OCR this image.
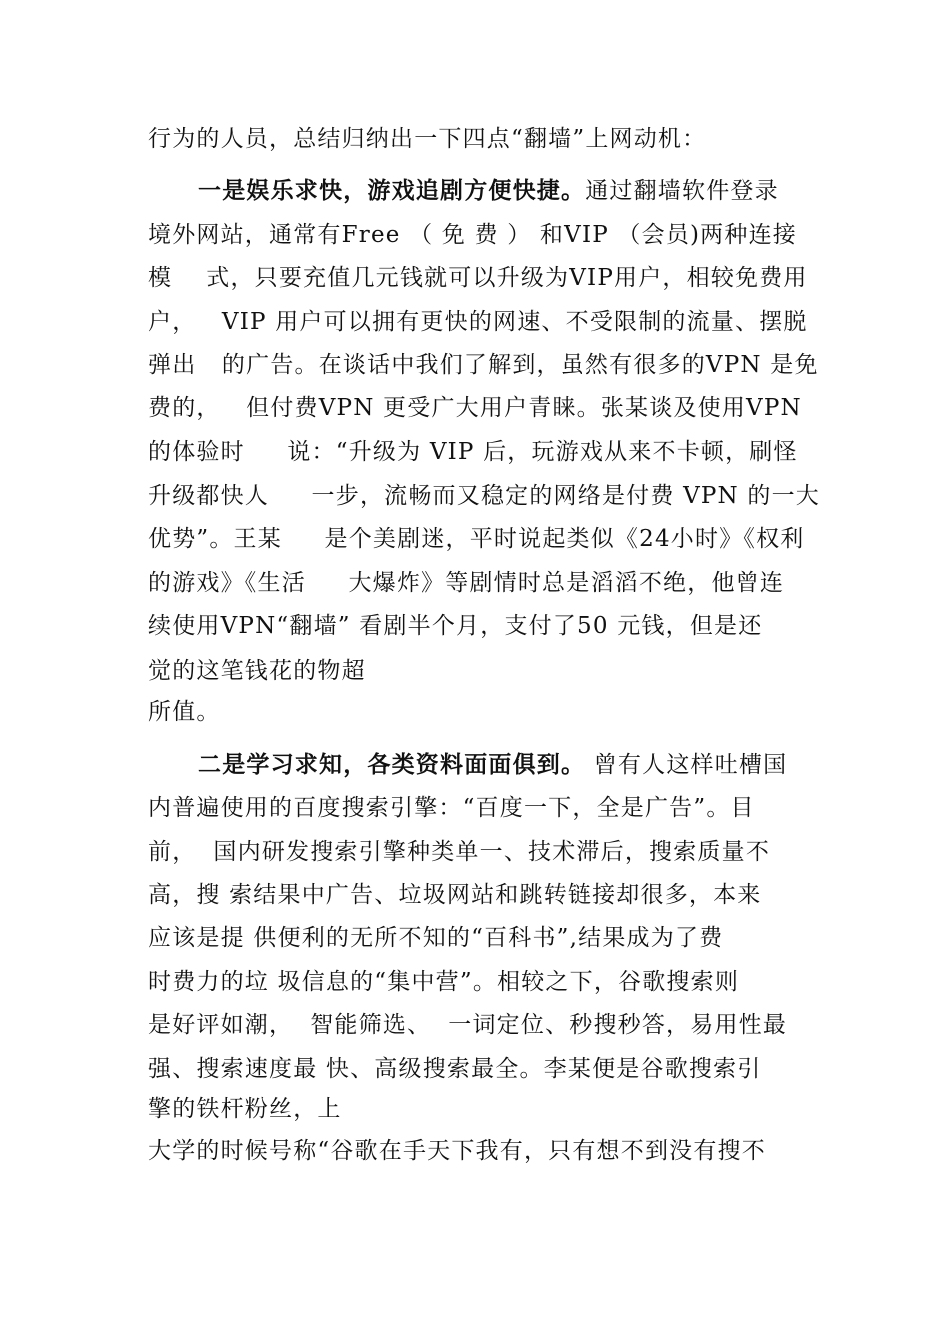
行为的人员，总结归纳出一下四点“翻墙”上网动机：
一是娱乐求快，游戏追剧方便快捷。通过翻墙软件登录
境外网站，通常有Free （ 免 费 ） 和VIP （会员)两种连接
模    式，只要充值几元钱就可以升级为VIP用户，相较免费用
户，   VIP 用户可以拥有更快的网速、不受限制的流量、摆脱
弹出   的广告。在谈话中我们了解到，虽然有很多的VPN 是免
费的，   但付费VPN 更受广大用户青睐。张某谈及使用VPN
的体验时     说：“升级为 VIP 后，玩游戏从来不卡顿，刷怪
升级都快人     一步，流畅而又稳定的网络是付费 VPN 的一大
优势”。王某     是个美剧迷，平时说起类似《24小时》《权利
的游戏》《生活     大爆炸》等剧情时总是滔滔不绝，他曾连
续使用VPN“翻墙” 看剧半个月，支付了50 元钱，但是还
觉的这笔钱花的物超
所值。
二是学习求知，各类资料面面俱到。 曾有人这样吐槽国
内普遍使用的百度搜索引擎：“百度一下，全是广告”。目
前，  国内研发搜索引擎种类单一、技术滞后，搜索质量不
高，搜 索结果中广告、垃圾网站和跳转链接却很多，本来
应该是提 供便利的无所不知的“百科书”,结果成为了费
时费力的垃 圾信息的“集中营”。相较之下，谷歌搜索则
是好评如潮，  智能筛选、  一词定位、秒搜秒答，易用性最
强、搜索速度最 快、高级搜索最全。李某便是谷歌搜索引
擎的铁杆粉丝，上
大学的时候号称“谷歌在手天下我有，只有想不到没有搜不
